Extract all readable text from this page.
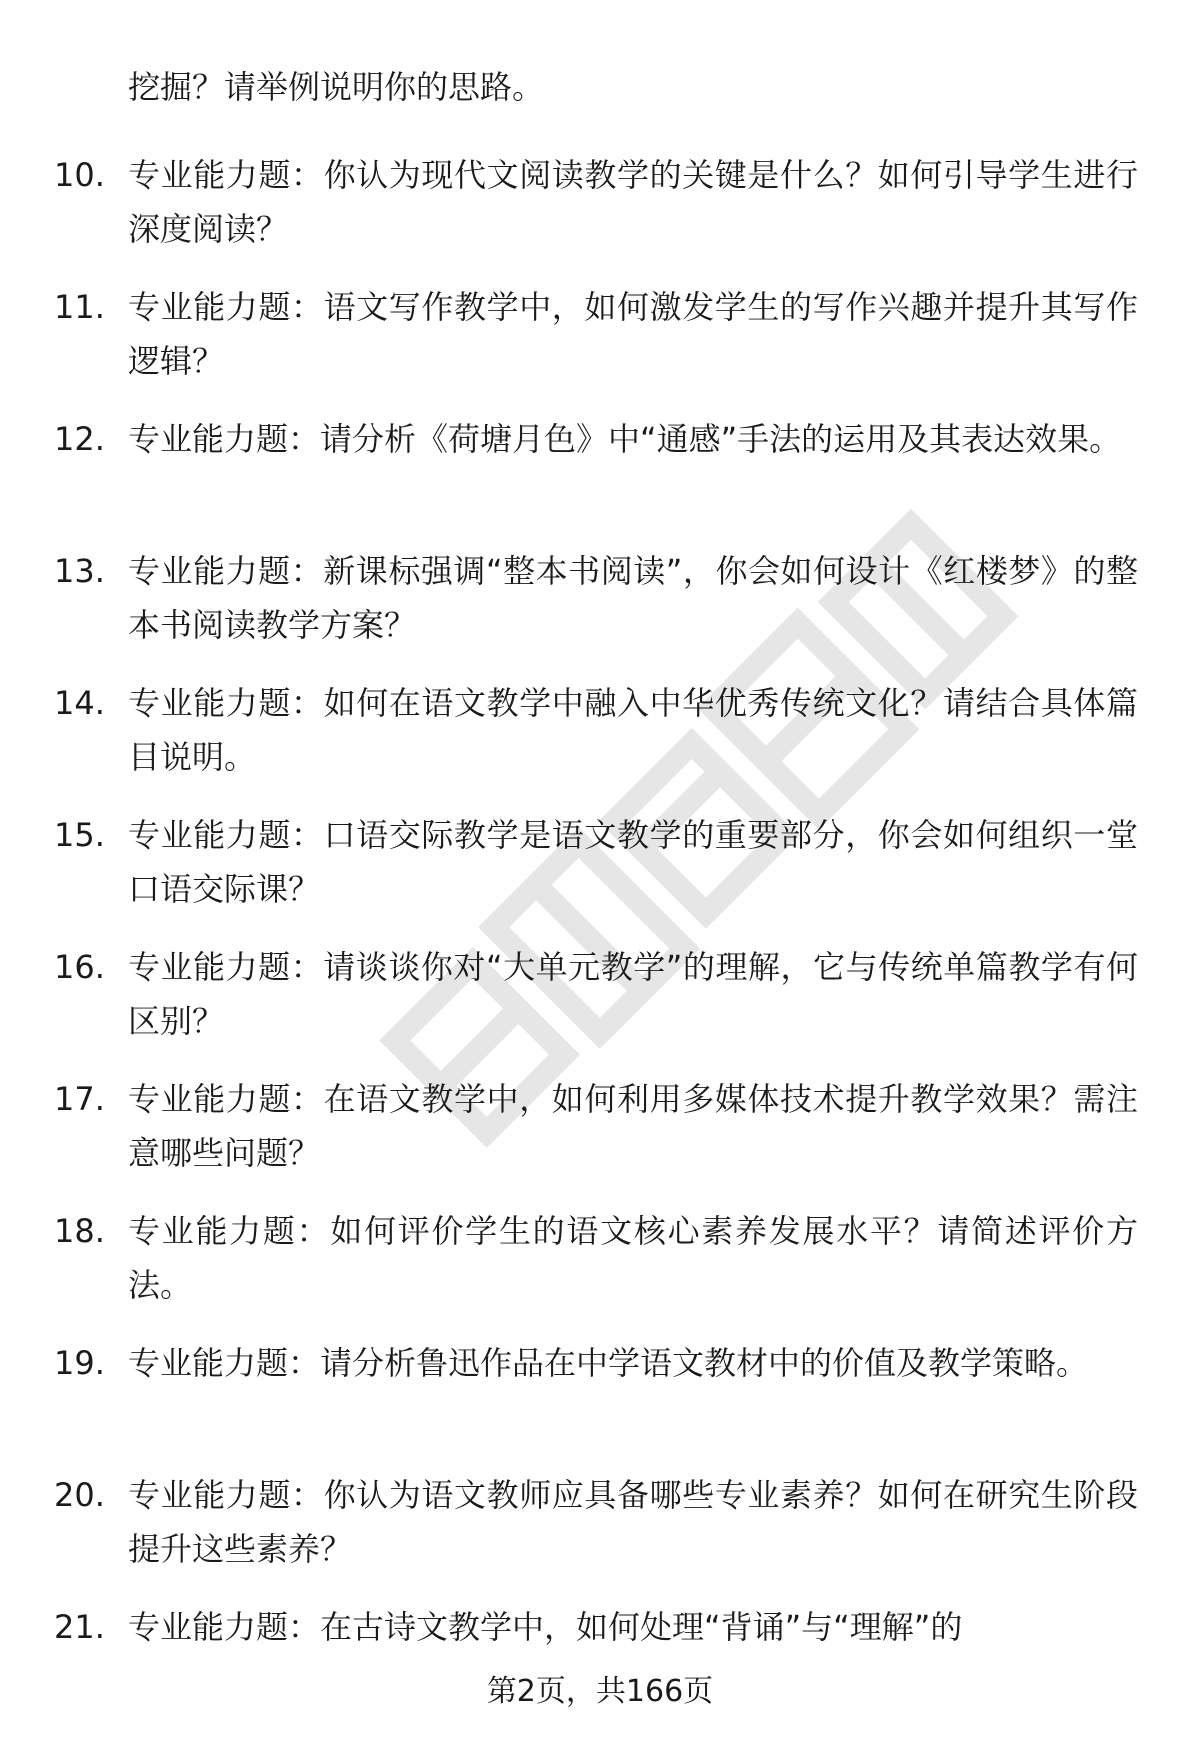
挖掘？请举例说明你的思路。

10. 专业能力题：你认为现代文阅读教学的关键是什么？如何引导学生进行深度阅读？

11. 专业能力题：语文写作教学中，如何激发学生的写作兴趣并提升其写作逻辑？

12. 专业能力题：请分析《荷塘月色》中“通感”手法的运用及其表达效果。

13. 专业能力题：新课标强调“整本书阅读”，你会如何设计《红楼梦》的整本书阅读教学方案？

14. 专业能力题：如何在语文教学中融入中华优秀传统文化？请结合具体篇目说明。

15. 专业能力题：口语交际教学是语文教学的重要部分，你会如何组织一堂口语交际课？

16. 专业能力题：请谈谈你对“大单元教学”的理解，它与传统单篇教学有何区别？

17. 专业能力题：在语文教学中，如何利用多媒体技术提升教学效果？需注意哪些问题？

18. 专业能力题：如何评价学生的语文核心素养发展水平？请简述评价方法。

19. 专业能力题：请分析鲁迅作品在中学语文教材中的价值及教学策略。

20. 专业能力题：你认为语文教师应具备哪些专业素养？如何在研究生阶段提升这些素养？

21. 专业能力题：在古诗文教学中，如何处理“背诵”与“理解”的

第2页，共166页
